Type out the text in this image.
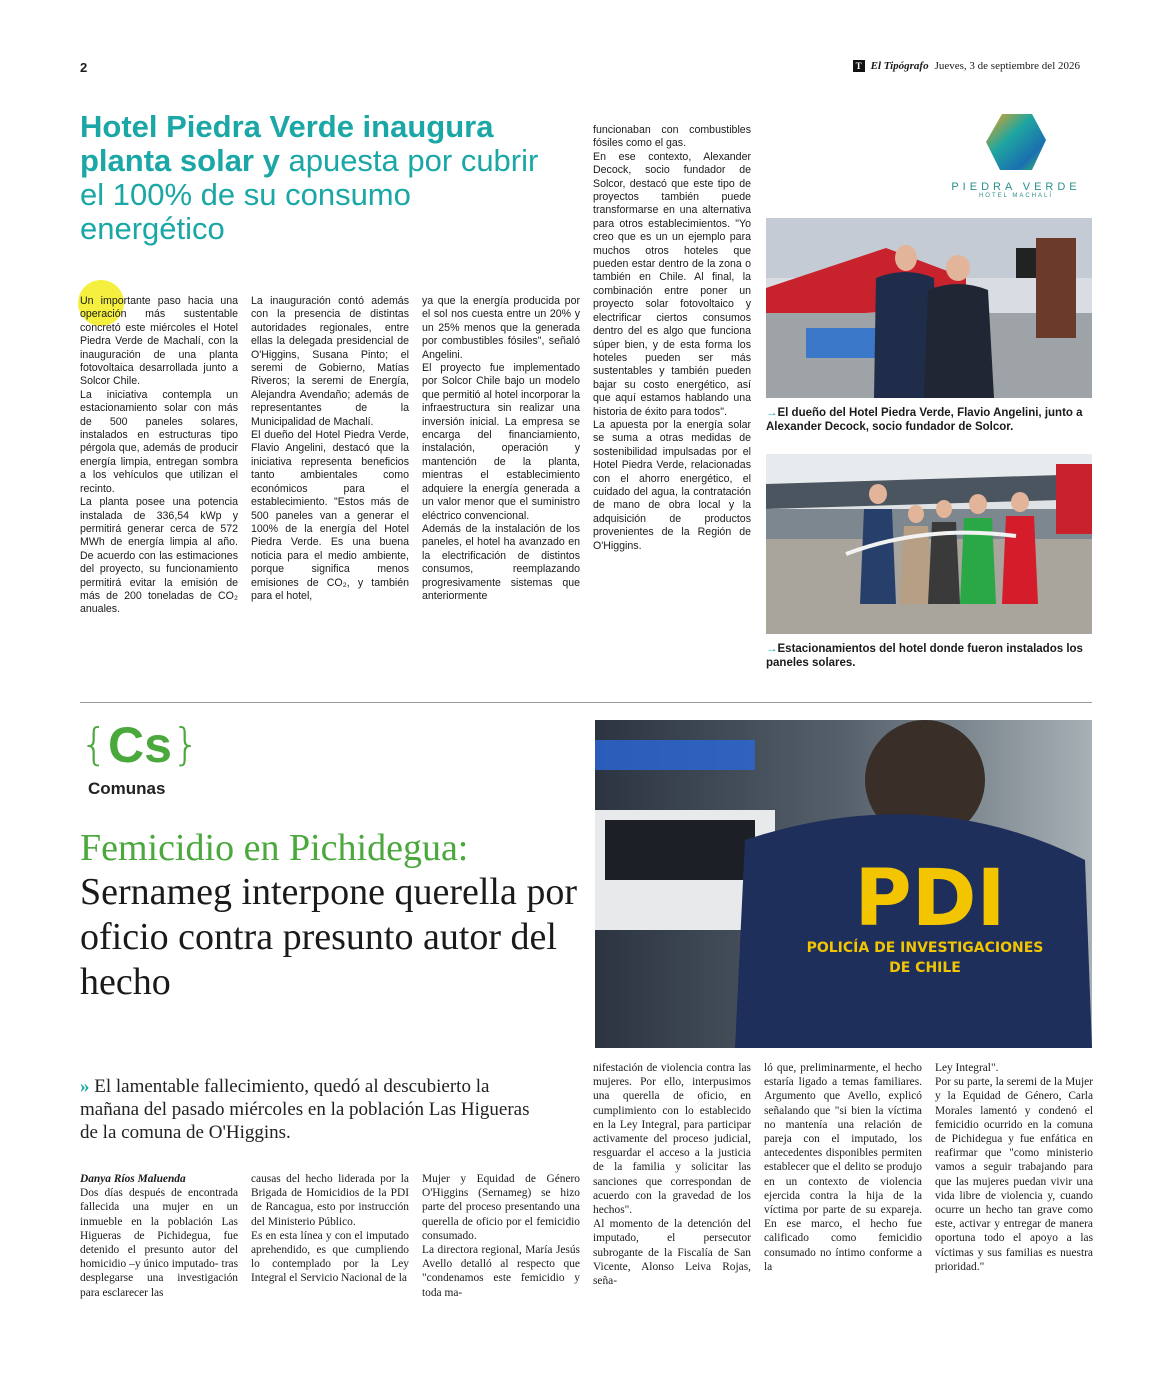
2	T El Tipógrafo Jueves, 3 de septiembre del 2026
Hotel Piedra Verde inaugura planta solar y apuesta por cubrir el 100% de su consumo energético

Un importante paso hacia una operación más sustentable concretó este miércoles el Hotel Piedra Verde de Machalí, con la inauguración de una planta fotovoltaica desarrollada junto a Solcor Chile.

La iniciativa contempla un estacionamiento solar con más de 500 paneles solares, instalados en estructuras tipo pérgola que, además de producir energía limpia, entregan sombra a los vehículos que utilizan el recinto.

La planta posee una potencia instalada de 336,54 kWp y permitirá generar cerca de 572 MWh de energía limpia al año. De acuerdo con las estimaciones del proyecto, su funcionamiento permitirá evitar la emisión de más de 200 toneladas de CO₂ anuales.

La inauguración contó además con la presencia de distintas autoridades regionales, entre ellas la delegada presidencial de O'Higgins, Susana Pinto; el seremi de Gobierno, Matías Riveros; la seremi de Energía, Alejandra Avendaño; además de representantes de la Municipalidad de Machalí.

El dueño del Hotel Piedra Verde, Flavio Angelini, destacó que la iniciativa representa beneficios tanto ambientales como económicos para el establecimiento. "Estos más de 500 paneles van a generar el 100% de la energía del Hotel Piedra Verde. Es una buena noticia para el medio ambiente, porque significa menos emisiones de CO₂, y también para el hotel,

ya que la energía producida por el sol nos cuesta entre un 20% y un 25% menos que la generada por combustibles fósiles", señaló Angelini.

El proyecto fue implementado por Solcor Chile bajo un modelo que permitió al hotel incorporar la infraestructura sin realizar una inversión inicial. La empresa se encarga del financiamiento, instalación, operación y mantención de la planta, mientras el establecimiento adquiere la energía generada a un valor menor que el suministro eléctrico convencional.

Además de la instalación de los paneles, el hotel ha avanzado en la electrificación de distintos consumos, reemplazando progresivamente sistemas que anteriormente

funcionaban con combustibles fósiles como el gas.

En ese contexto, Alexander Decock, socio fundador de Solcor, destacó que este tipo de proyectos también puede transformarse en una alternativa para otros establecimientos. "Yo creo que es un un ejemplo para muchos otros hoteles que pueden estar dentro de la zona o también en Chile. Al final, la combinación entre poner un proyecto solar fotovoltaico y electrificar ciertos consumos dentro del es algo que funciona súper bien, y de esta forma los hoteles pueden ser más sustentables y también pueden bajar su costo energético, así que aquí estamos hablando una historia de éxito para todos".

La apuesta por la energía solar se suma a otras medidas de sostenibilidad impulsadas por el Hotel Piedra Verde, relacionadas con el ahorro energético, el cuidado del agua, la contratación de mano de obra local y la adquisición de productos provenientes de la Región de O'Higgins.

PIEDRA VERDE
HOTEL MACHALÍ
→El dueño del Hotel Piedra Verde, Flavio Angelini, junto a Alexander Decock, socio fundador de Solcor.
→Estacionamientos del hotel donde fueron instalados los paneles solares.
{Cs}
Comunas
Femicidio en Pichidegua:
Sernameg interpone querella por oficio contra presunto autor del hecho
PDI
POLICÍA DE INVESTIGACIONES
DE CHILE
» El lamentable fallecimiento, quedó al descubierto la mañana del pasado miércoles en la población Las Higueras de la comuna de O'Higgins.
Danya Ríos Maluenda
Dos días después de encontrada fallecida una mujer en un inmueble en la población Las Higueras de Pichidegua, fue detenido el presunto autor del homicidio –y único imputado- tras desplegarse una investigación para esclarecer las
causas del hecho liderada por la Brigada de Homicidios de la PDI de Rancagua, esto por instrucción del Ministerio Público.
Es en esta línea y con el imputado aprehendido, es que cumpliendo lo contemplado por la Ley Integral el Servicio Nacional de la
Mujer y Equidad de Género O'Higgins (Sernameg) se hizo parte del proceso presentando una querella de oficio por el femicidio consumado.
La directora regional, María Jesús Avello detalló al respecto que "condenamos este femicidio y toda ma-
nifestación de violencia contra las mujeres. Por ello, interpusimos una querella de oficio, en cumplimiento con lo establecido en la Ley Integral, para participar activamente del proceso judicial, resguardar el acceso a la justicia de la familia y solicitar las sanciones que correspondan de acuerdo con la gravedad de los hechos".
Al momento de la detención del imputado, el persecutor subrogante de la Fiscalía de San Vicente, Alonso Leiva Rojas, seña-
ló que, preliminarmente, el hecho estaría ligado a temas familiares. Argumento que Avello, explicó señalando que "si bien la víctima no mantenía una relación de pareja con el imputado, los antecedentes disponibles permiten establecer que el delito se produjo en un contexto de violencia ejercida contra la hija de la víctima por parte de su expareja. En ese marco, el hecho fue calificado como femicidio consumado no íntimo conforme a la
Ley Integral".
Por su parte, la seremi de la Mujer y la Equidad de Género, Carla Morales lamentó y condenó el femicidio ocurrido en la comuna de Pichidegua y fue enfática en reafirmar que "como ministerio vamos a seguir trabajando para que las mujeres puedan vivir una vida libre de violencia y, cuando ocurre un hecho tan grave como este, activar y entregar de manera oportuna todo el apoyo a las víctimas y sus familias es nuestra prioridad."
